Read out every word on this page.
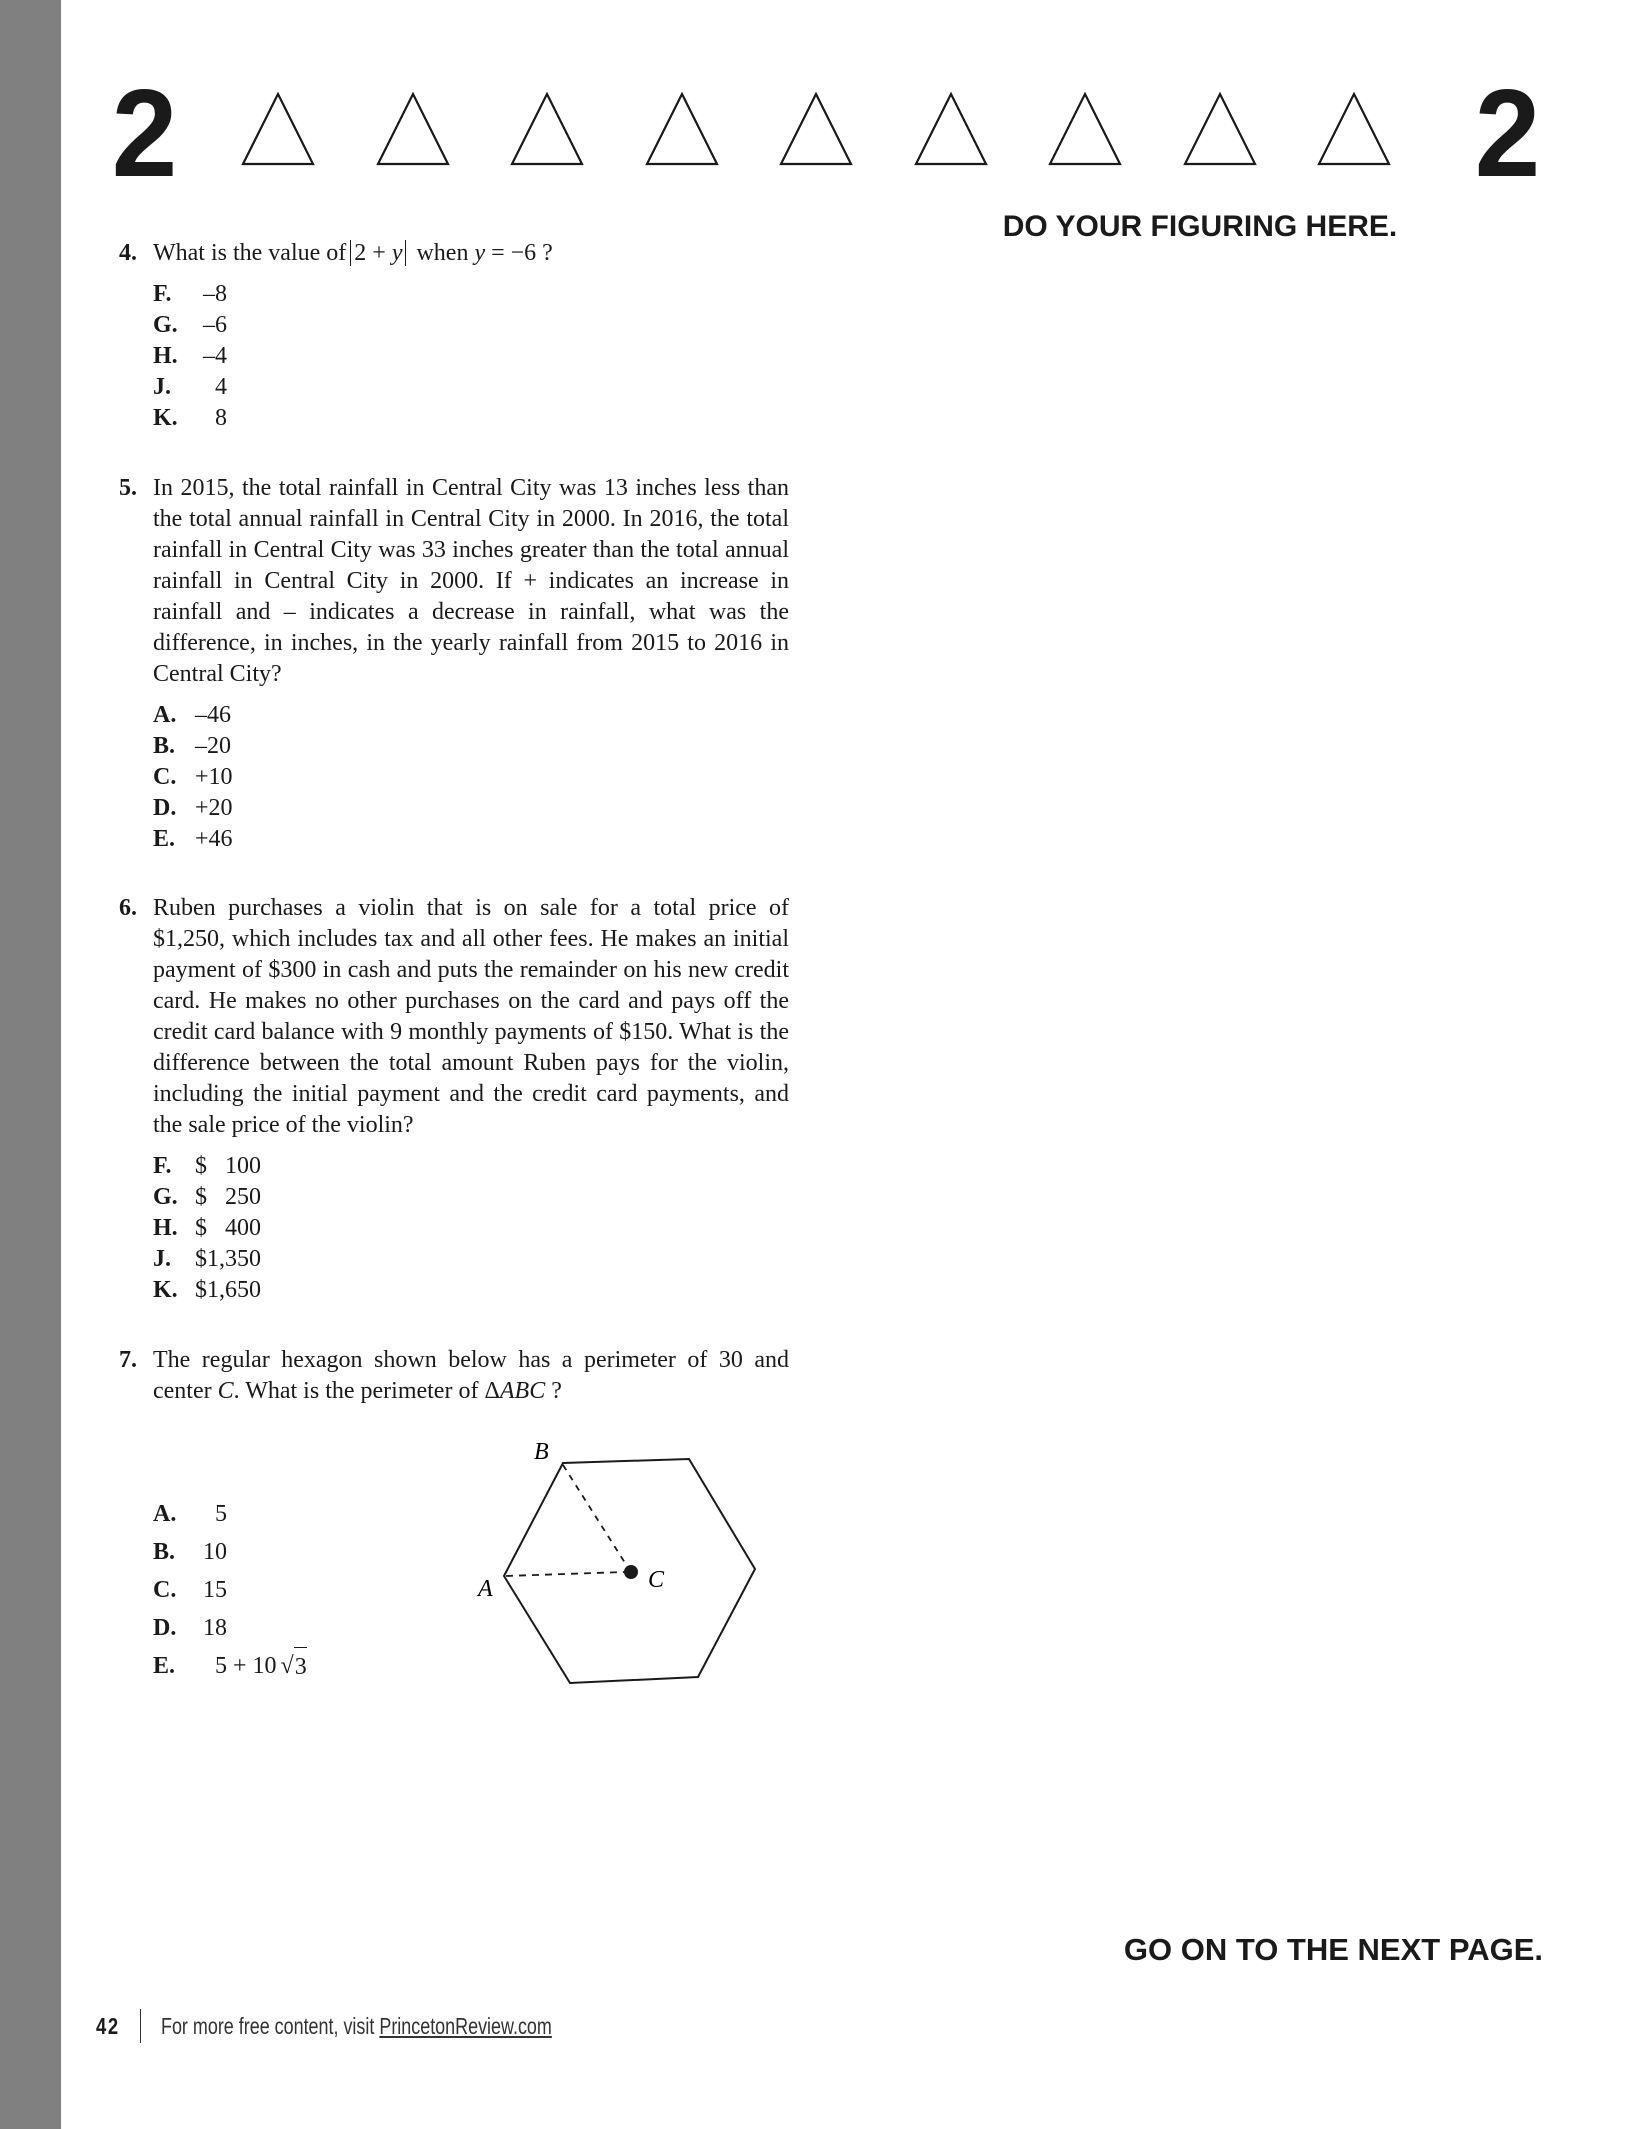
2	2
DO YOUR FIGURING HERE.
4. What is the value of 2 + y when y = −6 ?
F.	–8
G.	–6
H.	–4
J.	4
K.	8
5. In 2015, the total rainfall in Central City was 13 inches less than the total annual rainfall in Central City in 2000. In 2016, the total rainfall in Central City was 33 inches greater than the total annual rainfall in Central City in 2000. If + indicates an increase in rainfall and – indicates a decrease in rainfall, what was the difference, in inches, in the yearly rainfall from 2015 to 2016 in Central City?
A. –46
B. –20
C. +10
D. +20
E. +46
6. Ruben purchases a violin that is on sale for a total price of $1,250, which includes tax and all other fees. He makes an initial payment of $300 in cash and puts the remainder on his new credit card. He makes no other purchases on the card and pays off the credit card balance with 9 monthly payments of $150. What is the difference between the total amount Ruben pays for the violin, including the initial payment and the credit card payments, and the sale price of the violin?
F. $   100
G. $   250
H. $   400
J.	$1,350
K. $1,650
7. The regular hexagon shown below has a perimeter of 30 and center C. What is the perimeter of ΔABC ?
A.	5
B.	10
C.	15
D.	18
E.	5 + 10 √ 3
B
A	C
GO ON TO THE NEXT PAGE.
42 For more free content, visit PrincetonReview.com
